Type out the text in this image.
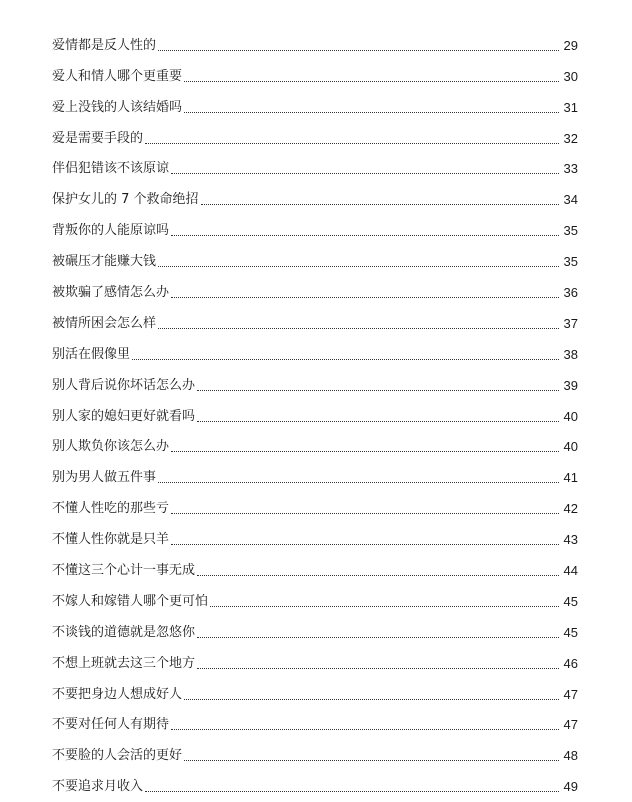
爱情都是反人性的	29
爱人和情人哪个更重要	30
爱上没钱的人该结婚吗	31
爱是需要手段的	32
伴侣犯错该不该原谅	33
保护女儿的 7 个救命绝招	34
背叛你的人能原谅吗	35
被碾压才能赚大钱	35
被欺骗了感情怎么办	36
被情所困会怎么样	37
别活在假像里	38
别人背后说你坏话怎么办	39
别人家的媳妇更好就看吗	40
别人欺负你该怎么办	40
别为男人做五件事	41
不懂人性吃的那些亏	42
不懂人性你就是只羊	43
不懂这三个心计一事无成	44
不嫁人和嫁错人哪个更可怕	45
不谈钱的道德就是忽悠你	45
不想上班就去这三个地方	46
不要把身边人想成好人	47
不要对任何人有期待	47
不要脸的人会活的更好	48
不要追求月收入	49
